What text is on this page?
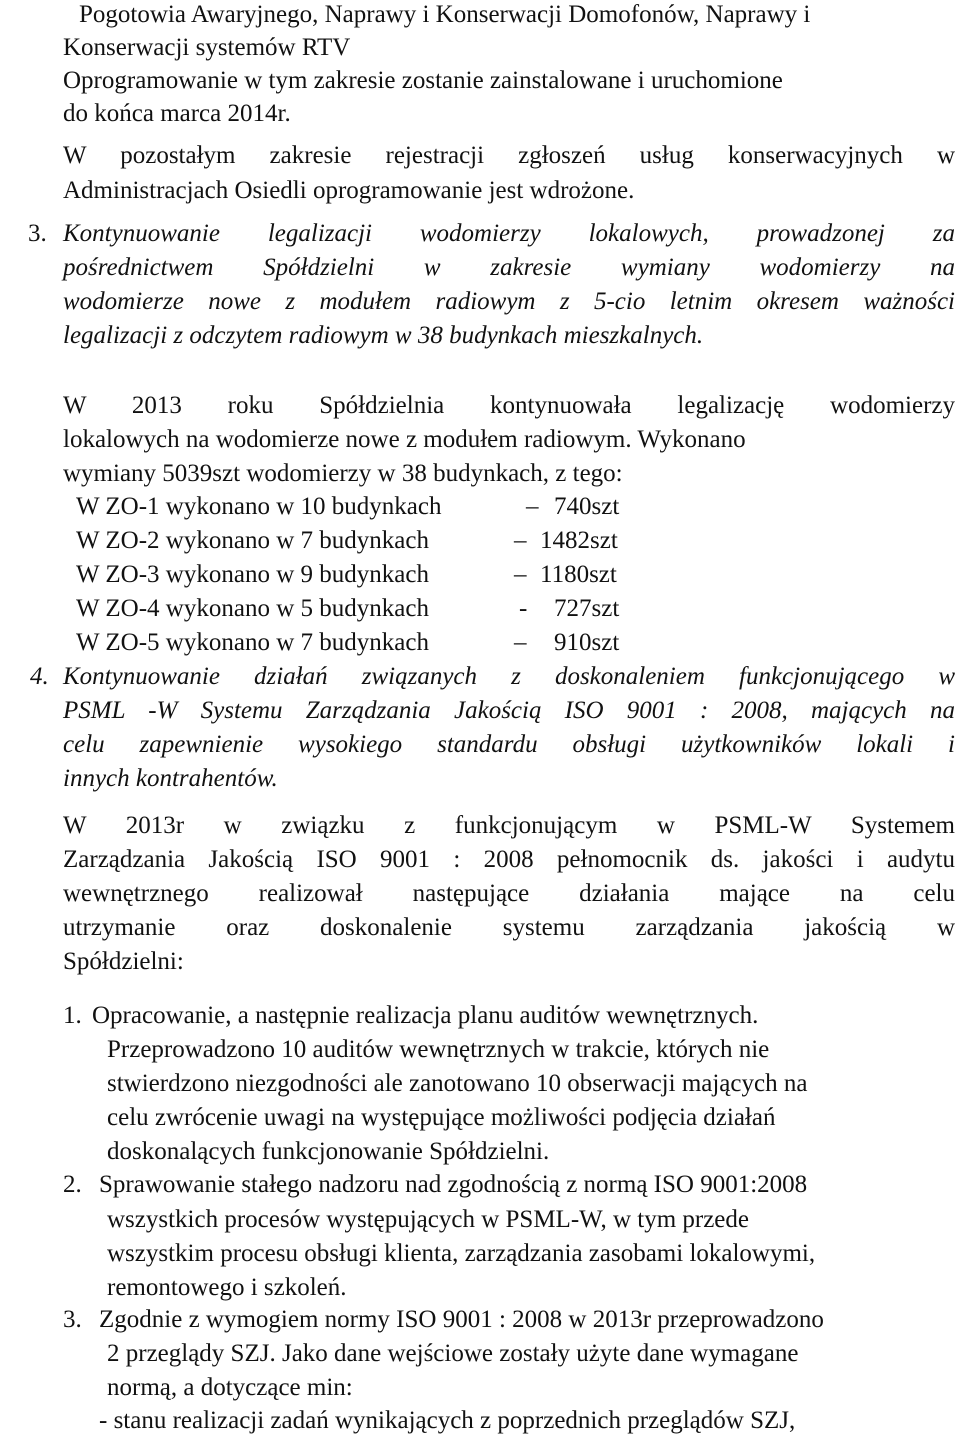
Pogotowia Awaryjnego, Naprawy i Konserwacji Domofonów, Naprawy i
Konserwacji systemów RTV
Oprogramowanie w tym zakresie zostanie zainstalowane i uruchomione
do końca marca 2014r.
W pozostałym zakresie rejestracji zgłoszeń usług konserwacyjnych w
Administracjach Osiedli oprogramowanie jest wdrożone.
3. Kontynuowanie legalizacji wodomierzy lokalowych, prowadzonej za
pośrednictwem Spółdzielni w zakresie wymiany wodomierzy na
wodomierze nowe z modułem radiowym z 5-cio letnim okresem ważności
legalizacji z odczytem radiowym w 38 budynkach mieszkalnych.
W 2013 roku Spółdzielnia kontynuowała legalizację wodomierzy
lokalowych na wodomierze nowe z modułem radiowym. Wykonano
wymiany 5039szt wodomierzy w 38 budynkach, z tego:
W ZO-1 wykonano w 10 budynkach	– 740szt
W ZO-2 wykonano w 7 budynkach	– 1482szt
W ZO-3 wykonano w 9 budynkach	– 1180szt
W ZO-4 wykonano w 5 budynkach	- 727szt
W ZO-5 wykonano w 7 budynkach	– 910szt
4. Kontynuowanie działań związanych z doskonaleniem funkcjonującego w
PSML -W Systemu Zarządzania Jakością ISO 9001 : 2008, mających na
celu zapewnienie wysokiego standardu obsługi użytkowników lokali i
innych kontrahentów.
W 2013r w związku z funkcjonującym w PSML-W Systemem
Zarządzania Jakością ISO 9001 : 2008 pełnomocnik ds. jakości i audytu
wewnętrznego realizował następujące działania mające na celu
utrzymanie oraz doskonalenie systemu zarządzania jakością w
Spółdzielni:
1. Opracowanie, a następnie realizacja planu auditów wewnętrznych.
Przeprowadzono 10 auditów wewnętrznych w trakcie, których nie
stwierdzono niezgodności ale zanotowano 10 obserwacji mających na
celu zwrócenie uwagi na występujące możliwości podjęcia działań
doskonalących funkcjonowanie Spółdzielni.
2. Sprawowanie stałego nadzoru nad zgodnością z normą ISO 9001:2008
wszystkich procesów występujących w PSML-W, w tym przede
wszystkim procesu obsługi klienta, zarządzania zasobami lokalowymi,
remontowego i szkoleń.
3. Zgodnie z wymogiem normy ISO 9001 : 2008 w 2013r przeprowadzono
2 przeglądy SZJ. Jako dane wejściowe zostały użyte dane wymagane
normą, a dotyczące min:
- stanu realizacji zadań wynikających z poprzednich przeglądów SZJ,
